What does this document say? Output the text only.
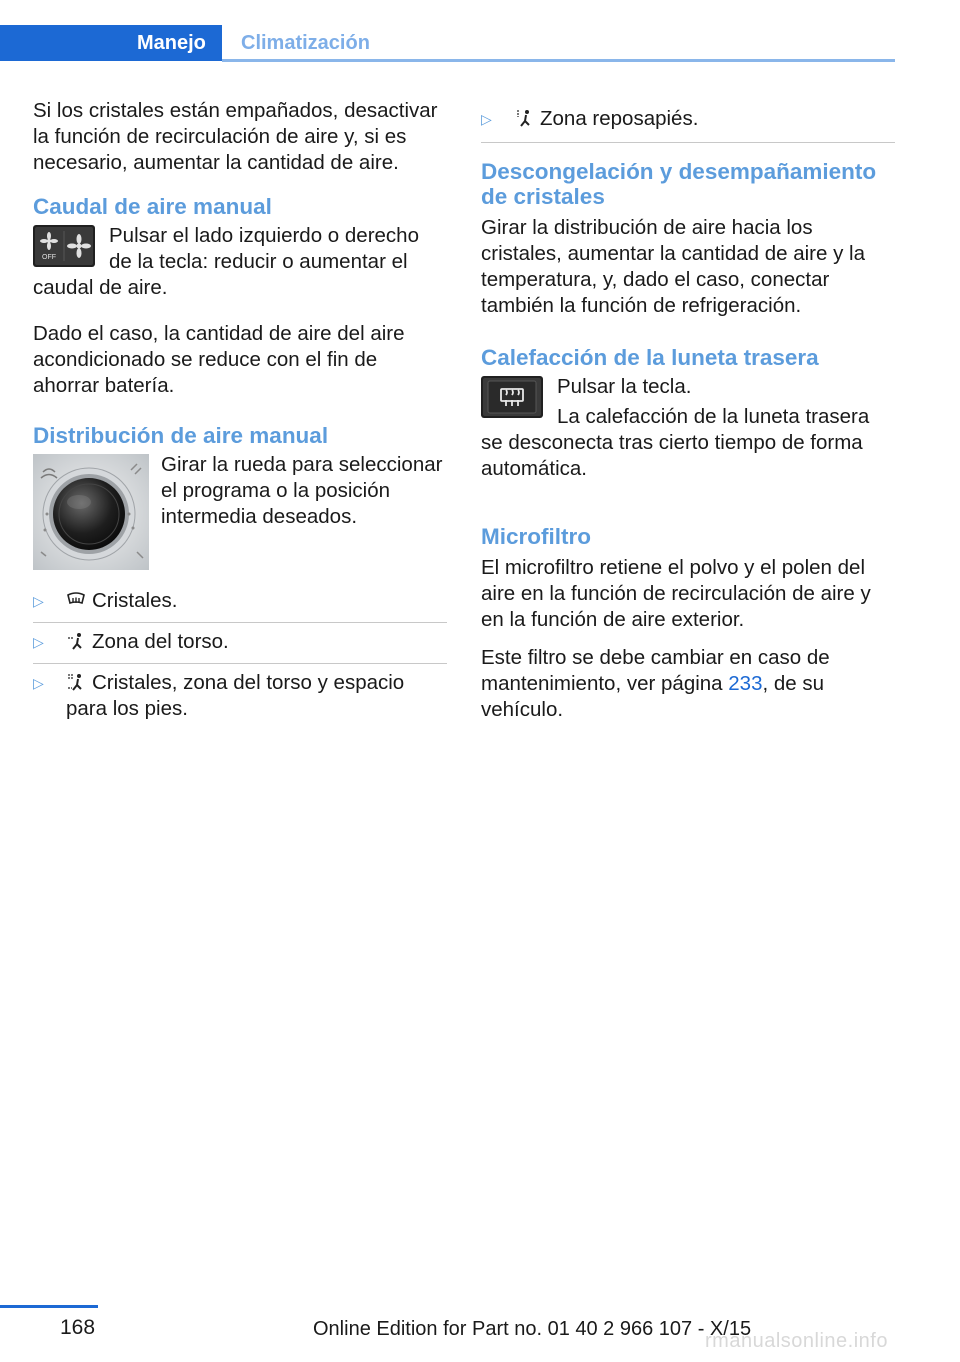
Manejo	Climatización

Si los cristales están empañados, desactivar la función de recirculación de aire y, si es necesario, aumentar la cantidad de aire.

Caudal de aire manual
OFF

Pulsar el lado izquierdo o derecho de la tecla: reducir o aumentar el caudal de aire.

Dado el caso, la cantidad de aire del aire acondicionado se reduce con el fin de ahorrar batería.

Distribución de aire manual

Girar la rueda para seleccionar el programa o la posición intermedia deseados.

▷ Cristales.
▷ Zona del torso.
▷ Cristales, zona del torso y espacio para los pies.
▷ Zona reposapiés.
Descongelación y desempañamiento de cristales

Girar la distribución de aire hacia los cristales, aumentar la cantidad de aire y la temperatura, y, dado el caso, conectar también la función de refrigeración.

Calefacción de la luneta trasera

Pulsar la tecla.

La calefacción de la luneta trasera se desconecta tras cierto tiempo de forma automática.

Microfiltro

El microfiltro retiene el polvo y el polen del aire en la función de recirculación de aire y en la función de aire exterior.

Este filtro se debe cambiar en caso de mantenimiento, ver página 233, de su vehículo.

168	Online Edition for Part no. 01 40 2 966 107 - X/15
rmanualsonline.info
